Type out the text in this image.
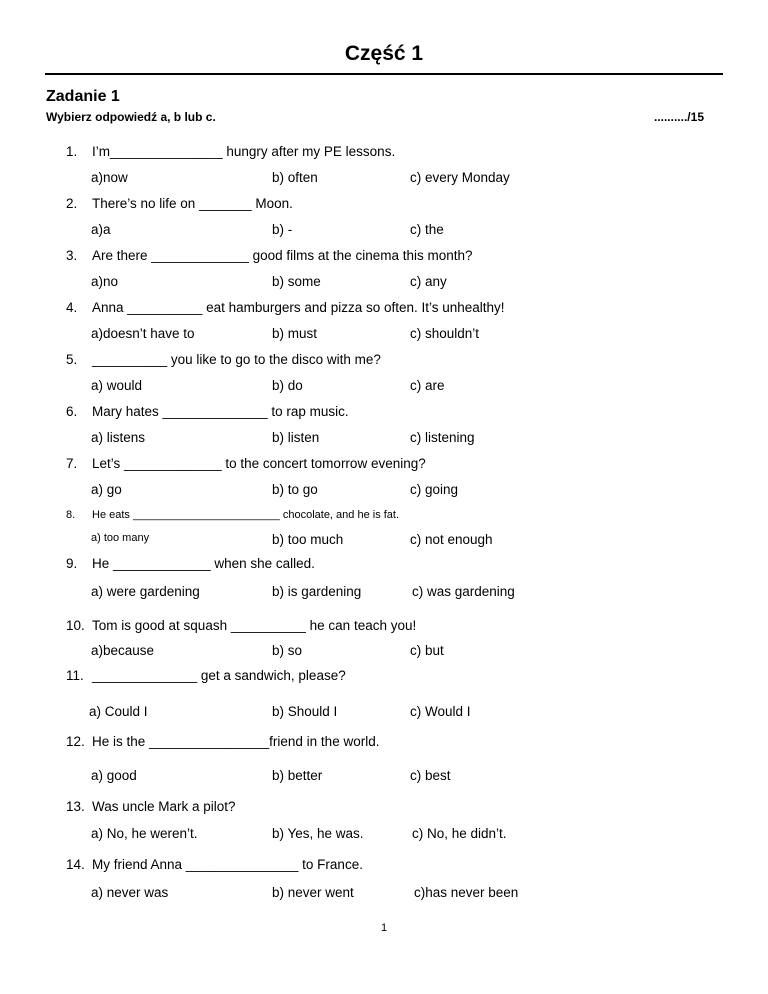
Część 1
Zadanie 1
Wybierz odpowiedź a, b lub c.	........../15
1. I’m_______________ hungry after my PE lessons.
a)now	b) often	c) every Monday
2. There’s no life on _______ Moon.
a)a	b) -	c) the
3. Are there _____________ good films at the cinema this month?
a)no	b) some	c) any
4. Anna __________ eat hamburgers and pizza so often. It’s unhealthy!
a)doesn’t have to	b) must	c) shouldn’t
5. __________ you like to go to the disco with me?
a) would	b) do	c) are
6. Mary hates ______________ to rap music.
a) listens	b) listen	c) listening
7. Let’s _____________ to the concert tomorrow evening?
a) go	b) to go	c) going
8. He eats ________________________ chocolate, and he is fat.
a) too many	b) too much	c) not enough
9. He _____________ when she called.
a) were gardening	b) is gardening	c) was gardening
10. Tom is good at squash __________ he can teach you!
a)because	b) so	c) but
11. ______________ get a sandwich, please?
a) Could I	b) Should I	c) Would I
12. He is the ________________friend in the world.
a) good	b) better	c) best
13. Was uncle Mark a pilot?
a) No, he weren’t.	b) Yes, he was.	c) No, he didn’t.
14. My friend Anna _______________ to France.
a) never was	b) never went	c)has never been
1
